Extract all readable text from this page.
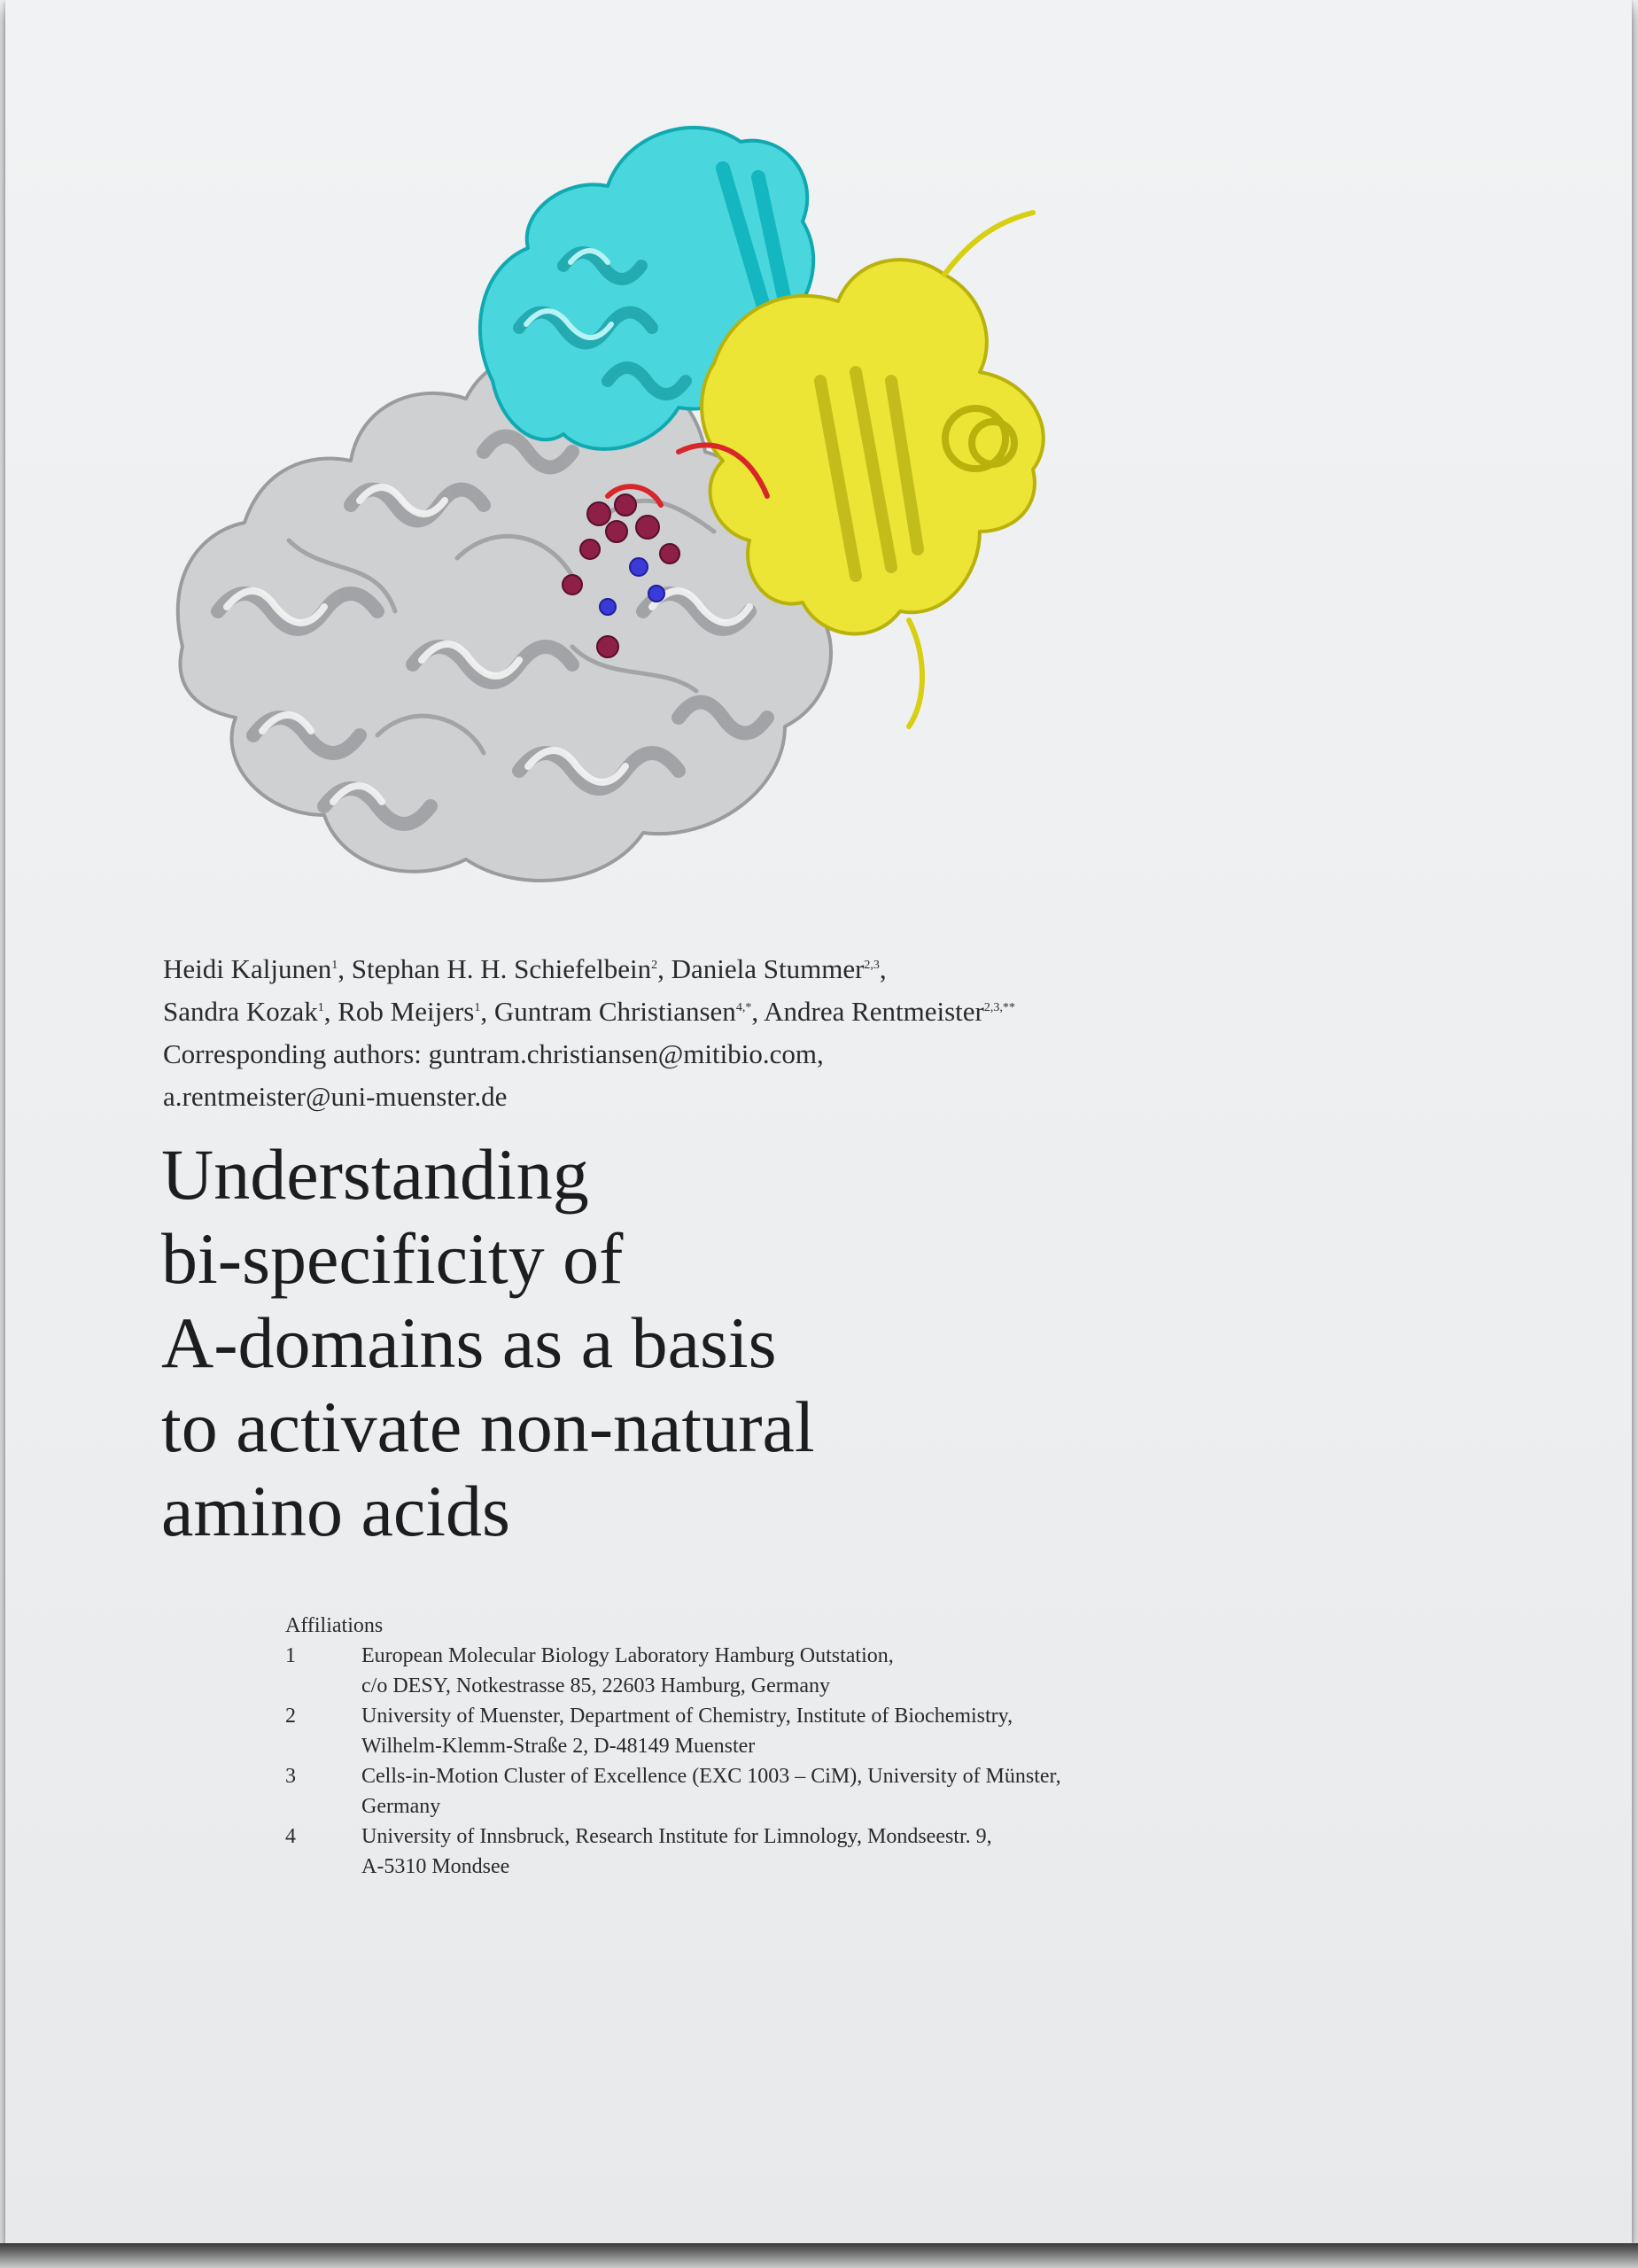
Heidi Kaljunen$^1$, Stephan H. H. Schiefelbein$^2$, Daniela Stummer$^{2,3}$,
Sandra Kozak$^1$, Rob Meijers$^1$, Guntram Christiansen$^{4,*}$, Andrea Rentmeister$^{2,3,**}$
Corresponding authors: guntram.christiansen@mitibio.com,
a.rentmeister@uni-muenster.de
Understanding
bi-specificity of
A-domains as a basis
to activate non-natural
amino acids
Affiliations
1	European Molecular Biology Laboratory Hamburg Outstation,
c/o DESY, Notkestrasse 85, 22603 Hamburg, Germany
2	University of Muenster, Department of Chemistry, Institute of Biochemistry,
Wilhelm-Klemm-Straße 2, D-48149 Muenster
3	Cells-in-Motion Cluster of Excellence (EXC 1003 – CiM), University of Münster,
Germany
4	University of Innsbruck, Research Institute for Limnology, Mondseestr. 9,
A-5310 Mondsee
